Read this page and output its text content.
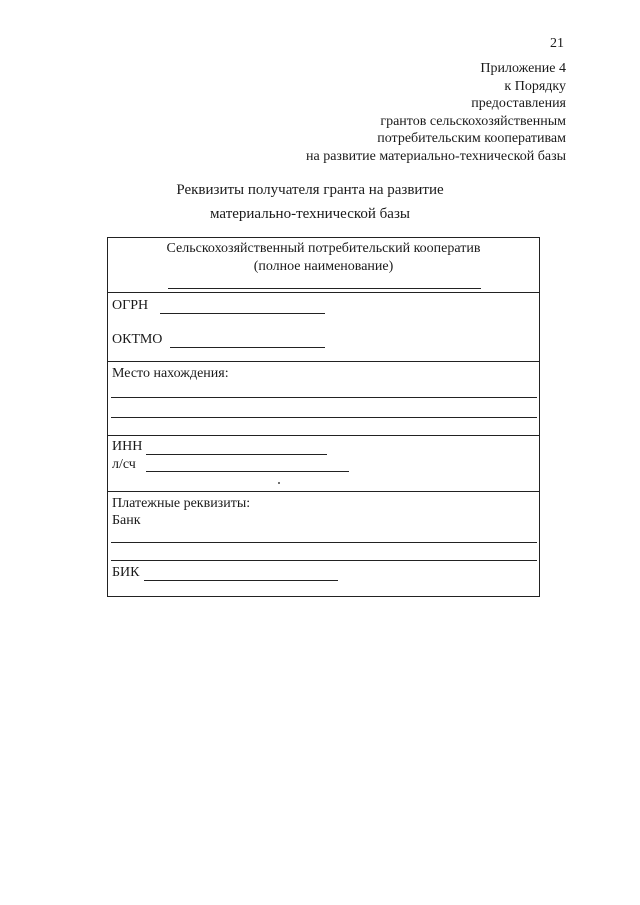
21
Приложение 4
к Порядку
предоставления
грантов сельскохозяйственным
потребительским кооперативам
на развитие материально-технической базы
Реквизиты получателя гранта на развитие
материально-технической базы
Сельскохозяйственный потребительский кооператив
(полное наименование)
ОГРН
ОКТМО
Место нахождения:
ИНН
л/сч
Платежные реквизиты:
Банк
БИК
